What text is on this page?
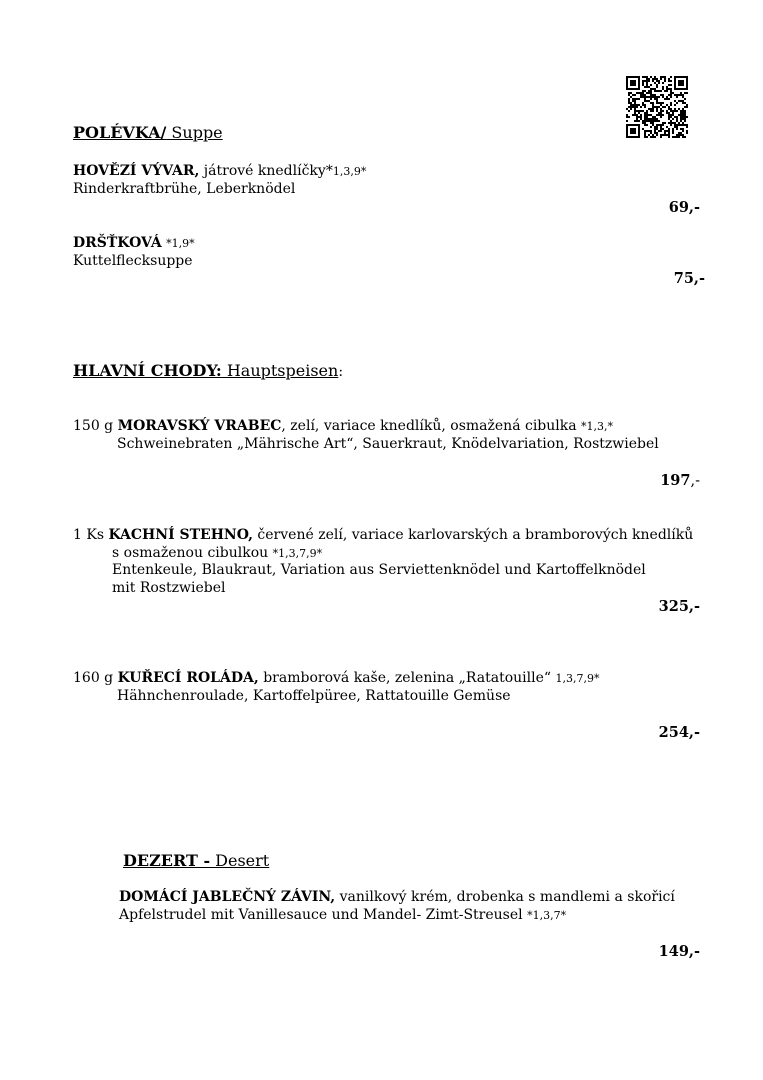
POLÉVKA/ Suppe
HOVĚZÍ VÝVAR, játrové knedlíčky*1,3,9*
Rinderkraftbrühe, Leberknödel
69,-
DRŠŤKOVÁ *1,9*
Kuttelflecksuppe
75,-
HLAVNÍ CHODY: Hauptspeisen:
150 g MORAVSKÝ VRABEC, zelí, variace knedlíků, osmažená cibulka *1,3,*
Schweinebraten „Mährische Art“, Sauerkraut, Knödelvariation, Rostzwiebel
197,-
1 Ks KACHNÍ STEHNO, červené zelí, variace karlovarských a bramborových knedlíků
s osmaženou cibulkou *1,3,7,9*
Entenkeule, Blaukraut, Variation aus Serviettenknödel und Kartoffelknödel
mit Rostzwiebel
325,-
160 g KUŘECÍ ROLÁDA, bramborová kaše, zelenina „Ratatouille“ 1,3,7,9*
Hähnchenroulade, Kartoffelpüree, Rattatouille Gemüse
254,-
DEZERT - Desert
DOMÁCÍ JABLEČNÝ ZÁVIN, vanilkový krém, drobenka s mandlemi a skořicí
Apfelstrudel mit Vanillesauce und Mandel- Zimt-Streusel *1,3,7*
149,-
